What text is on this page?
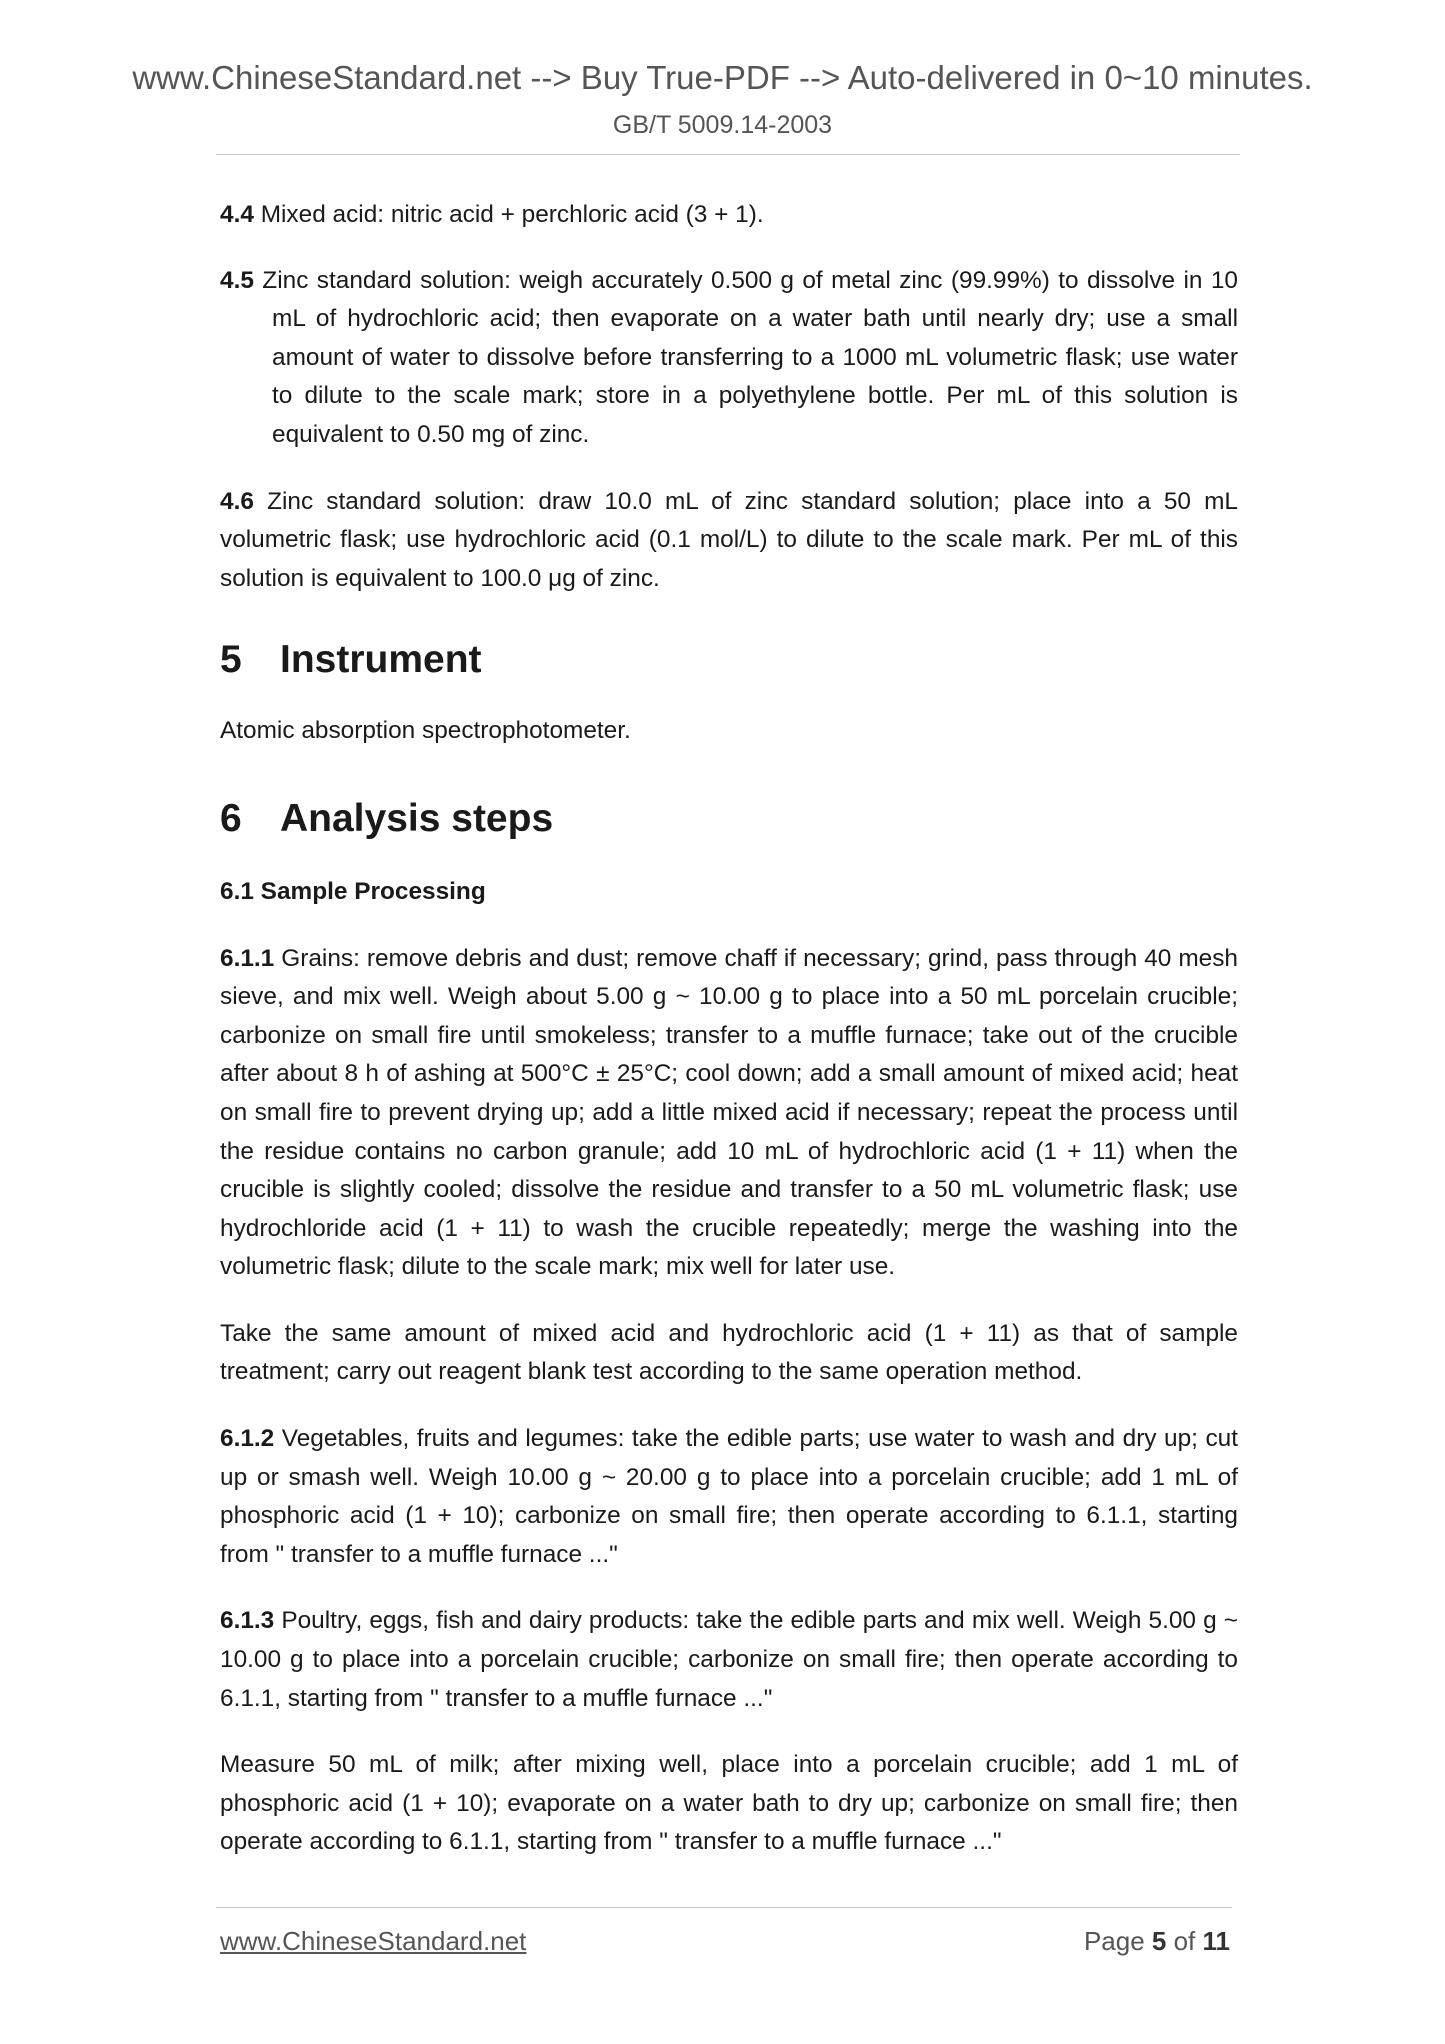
www.ChineseStandard.net --> Buy True-PDF --> Auto-delivered in 0~10 minutes.
GB/T 5009.14-2003

4.4 Mixed acid: nitric acid + perchloric acid (3 + 1).

4.5 Zinc standard solution: weigh accurately 0.500 g of metal zinc (99.99%) to dissolve in 10 mL of hydrochloric acid; then evaporate on a water bath until nearly dry; use a small amount of water to dissolve before transferring to a 1000 mL volumetric flask; use water to dilute to the scale mark; store in a polyethylene bottle. Per mL of this solution is equivalent to 0.50 mg of zinc.

4.6 Zinc standard solution: draw 10.0 mL of zinc standard solution; place into a 50 mL volumetric flask; use hydrochloric acid (0.1 mol/L) to dilute to the scale mark. Per mL of this solution is equivalent to 100.0 μg of zinc.

5 Instrument

Atomic absorption spectrophotometer.

6 Analysis steps

6.1 Sample Processing

6.1.1 Grains: remove debris and dust; remove chaff if necessary; grind, pass through 40 mesh sieve, and mix well. Weigh about 5.00 g ~ 10.00 g to place into a 50 mL porcelain crucible; carbonize on small fire until smokeless; transfer to a muffle furnace; take out of the crucible after about 8 h of ashing at 500°C ± 25°C; cool down; add a small amount of mixed acid; heat on small fire to prevent drying up; add a little mixed acid if necessary; repeat the process until the residue contains no carbon granule; add 10 mL of hydrochloric acid (1 + 11) when the crucible is slightly cooled; dissolve the residue and transfer to a 50 mL volumetric flask; use hydrochloride acid (1 + 11) to wash the crucible repeatedly; merge the washing into the volumetric flask; dilute to the scale mark; mix well for later use.

Take the same amount of mixed acid and hydrochloric acid (1 + 11) as that of sample treatment; carry out reagent blank test according to the same operation method.

6.1.2 Vegetables, fruits and legumes: take the edible parts; use water to wash and dry up; cut up or smash well. Weigh 10.00 g ~ 20.00 g to place into a porcelain crucible; add 1 mL of phosphoric acid (1 + 10); carbonize on small fire; then operate according to 6.1.1, starting from " transfer to a muffle furnace ..."

6.1.3 Poultry, eggs, fish and dairy products: take the edible parts and mix well. Weigh 5.00 g ~ 10.00 g to place into a porcelain crucible; carbonize on small fire; then operate according to 6.1.1, starting from " transfer to a muffle furnace ..."

Measure 50 mL of milk; after mixing well, place into a porcelain crucible; add 1 mL of phosphoric acid (1 + 10); evaporate on a water bath to dry up; carbonize on small fire; then operate according to 6.1.1, starting from " transfer to a muffle furnace ..."

www.ChineseStandard.net	Page 5 of 11
